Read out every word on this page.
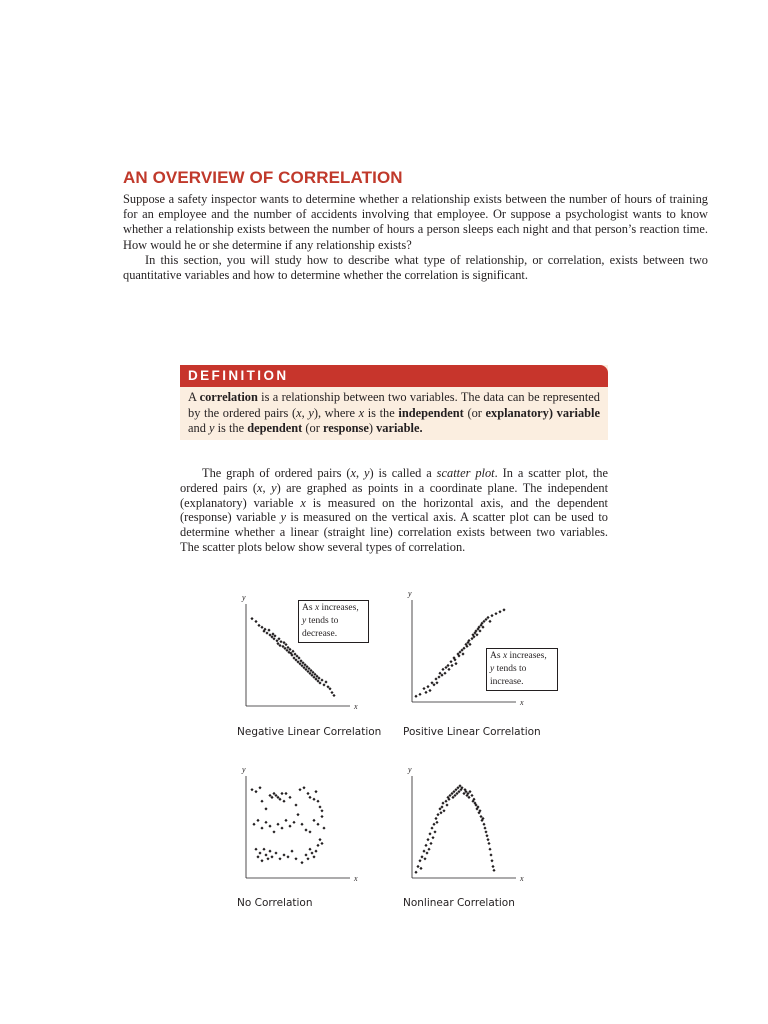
AN OVERVIEW OF CORRELATION

Suppose a safety inspector wants to determine whether a relationship exists between the number of hours of training for an employee and the number of accidents involving that employee. Or suppose a psychologist wants to know whether a relationship exists between the number of hours a person sleeps each night and that person’s reaction time. How would he or she determine if any relationship exists?

In this section, you will study how to describe what type of relationship, or correlation, exists between two quantitative variables and how to determine whether the correlation is significant.

DEFINITION
A correlation is a relationship between two variables. The data can be represented by the ordered pairs (x, y), where x is the independent (or explanatory) variable and y is the dependent (or response) variable.

The graph of ordered pairs (x, y) is called a scatter plot. In a scatter plot, the ordered pairs (x, y) are graphed as points in a coordinate plane. The independent (explanatory) variable x is measured on the horizontal axis, and the dependent (response) variable y is measured on the vertical axis. A scatter plot can be used to determine whether a linear (straight line) correlation exists between two variables. The scatter plots below show several types of correlation.

x
y
As x increases,
y tends to decrease.
Negative Linear Correlation
x
y
As x increases,
y tends to increase.
Positive Linear Correlation
x
y
No Correlation
x
y
Nonlinear Correlation
